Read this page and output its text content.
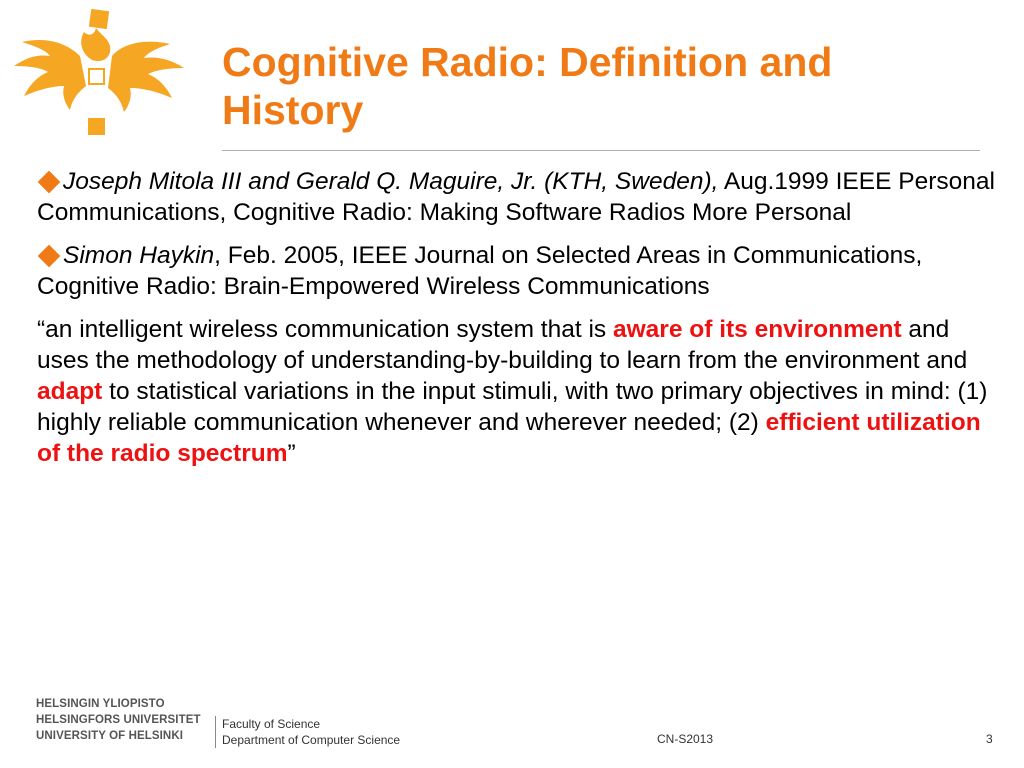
Cognitive Radio: Definition and
History

Joseph Mitola III and Gerald Q. Maguire, Jr. (KTH, Sweden), Aug.1999 IEEE Personal Communications, Cognitive Radio: Making Software Radios More Personal

Simon Haykin, Feb. 2005, IEEE Journal on Selected Areas in Communications, Cognitive Radio: Brain-Empowered Wireless Communications

“an intelligent wireless communication system that is aware of its environment and uses the methodology of understanding-by-building to learn from the environment and adapt to statistical variations in the input stimuli, with two primary objectives in mind: (1) highly reliable communication whenever and wherever needed; (2) efficient utilization of the radio spectrum”

HELSINGIN YLIOPISTO
HELSINGFORS UNIVERSITET
UNIVERSITY OF HELSINKI
Faculty of Science
Department of Computer Science	CN-S2013	3
